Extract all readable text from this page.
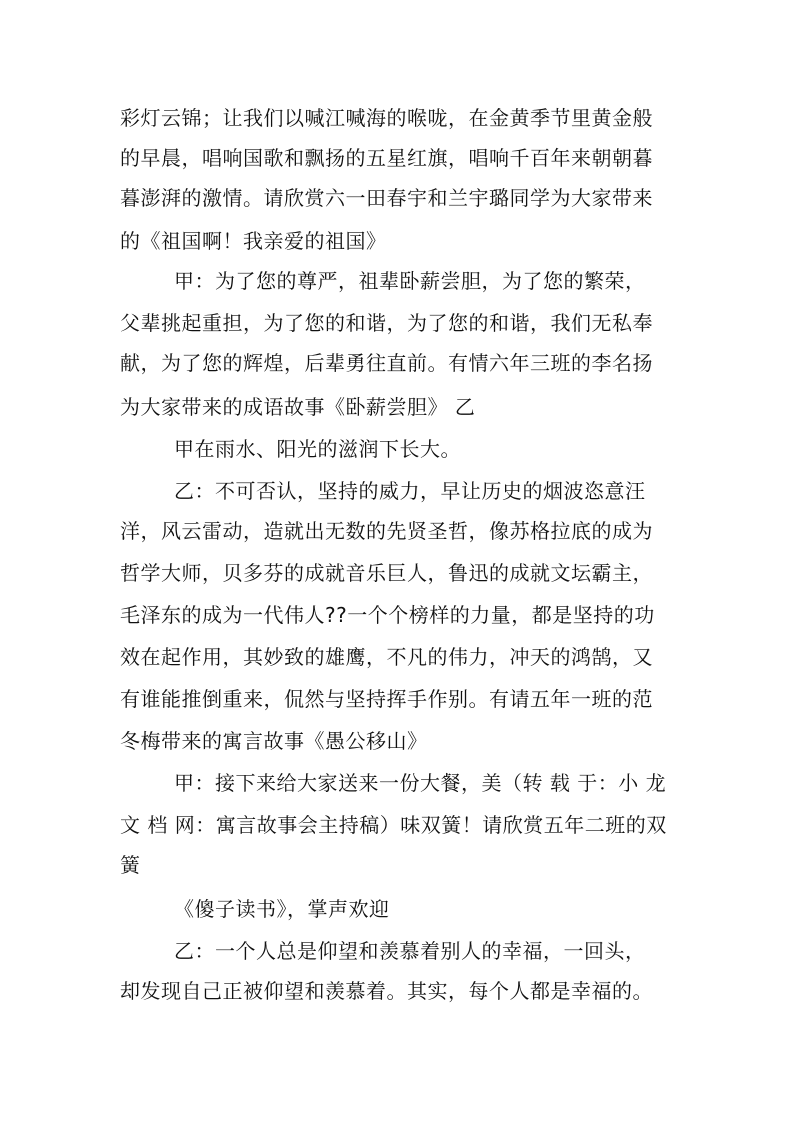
彩灯云锦；让我们以喊江喊海的喉咙，在金黄季节里黄金般
的早晨，唱响国歌和飘扬的五星红旗，唱响千百年来朝朝暮
暮澎湃的激情。请欣赏六一田春宇和兰宇璐同学为大家带来
的《祖国啊！我亲爱的祖国》
甲：为了您的尊严，祖辈卧薪尝胆，为了您的繁荣，
父辈挑起重担，为了您的和谐，为了您的和谐，我们无私奉
献，为了您的辉煌，后辈勇往直前。有情六年三班的李名扬
为大家带来的成语故事《卧薪尝胆》 乙
甲在雨水、阳光的滋润下长大。
乙：不可否认，坚持的威力，早让历史的烟波恣意汪
洋，风云雷动，造就出无数的先贤圣哲，像苏格拉底的成为
哲学大师，贝多芬的成就音乐巨人，鲁迅的成就文坛霸主，
毛泽东的成为一代伟人??一个个榜样的力量，都是坚持的功
效在起作用，其妙致的雄鹰，不凡的伟力，冲天的鸿鹄，又
有谁能推倒重来，侃然与坚持挥手作别。有请五年一班的范
冬梅带来的寓言故事《愚公移山》
甲：接下来给大家送来一份大餐，美（转 载 于：小 龙
文 档 网：寓言故事会主持稿）味双簧！请欣赏五年二班的双
簧
《傻子读书》，掌声欢迎
乙：一个人总是仰望和羡慕着别人的幸福，一回头，
却发现自己正被仰望和羡慕着。其实，每个人都是幸福的。
